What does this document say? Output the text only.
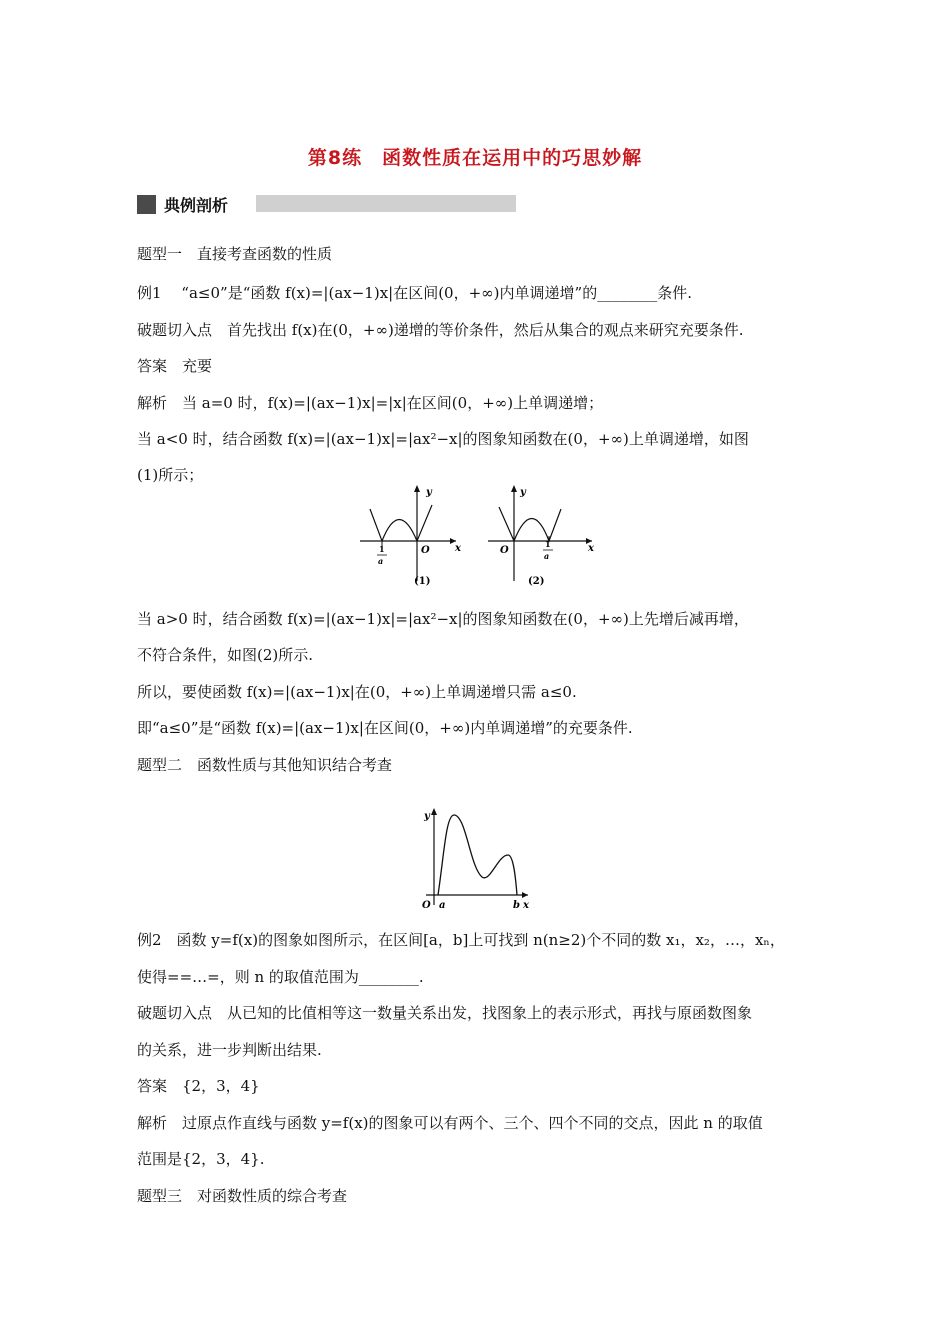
第8练　函数性质在运用中的巧思妙解
典例剖析
题型一　直接考查函数的性质
例1　 “a≤0”是“函数 f(x)=|(ax−1)x|在区间(0，+∞)内单调递增”的________条件.
破题切入点　首先找出 f(x)在(0，+∞)递增的等价条件，然后从集合的观点来研究充要条件.
答案　充要
解析　当 a=0 时，f(x)=|(ax−1)x|=|x|在区间(0，+∞)上单调递增；
当 a<0 时，结合函数 f(x)=|(ax−1)x|=|ax²−x|的图象知函数在(0，+∞)上单调递增，如图
(1)所示；
y
x
O
1
a
(1)
y
x
O
1
a
(2)
当 a>0 时，结合函数 f(x)=|(ax−1)x|=|ax²−x|的图象知函数在(0，+∞)上先增后减再增，
不符合条件，如图(2)所示.
所以，要使函数 f(x)=|(ax−1)x|在(0，+∞)上单调递增只需 a≤0.
即“a≤0”是“函数 f(x)=|(ax−1)x|在区间(0，+∞)内单调递增”的充要条件.
题型二　函数性质与其他知识结合考查
y
O a	b x
例2　函数 y=f(x)的图象如图所示，在区间[a，b]上可找到 n(n≥2)个不同的数 x₁，x₂，…，xₙ，
使得==…=，则 n 的取值范围为________.
破题切入点　从已知的比值相等这一数量关系出发，找图象上的表示形式，再找与原函数图象
的关系，进一步判断出结果.
答案　{2，3，4}
解析　过原点作直线与函数 y=f(x)的图象可以有两个、三个、四个不同的交点，因此 n 的取值
范围是{2，3，4}.
题型三　对函数性质的综合考查
